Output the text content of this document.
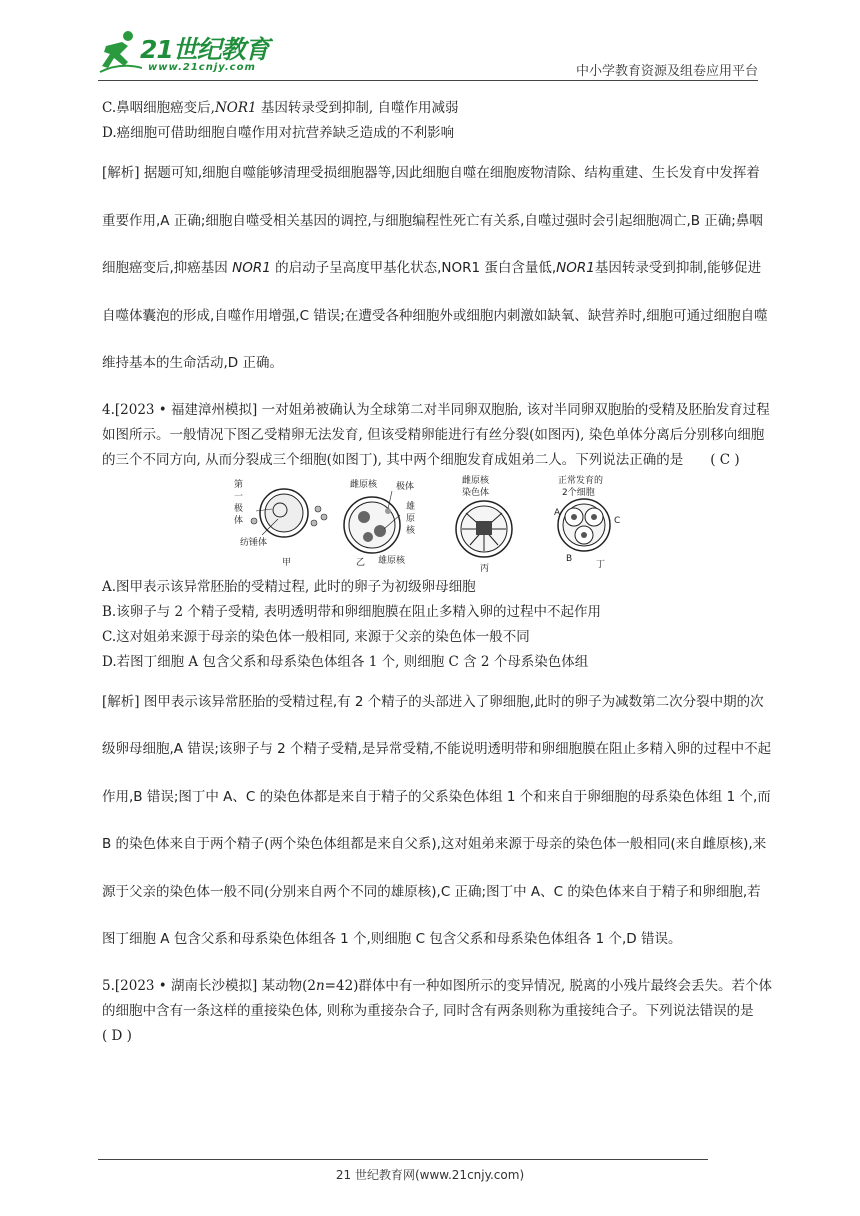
21世纪教育
www.21cnjy.com	中小学教育资源及组卷应用平台
C.鼻咽细胞癌变后,NOR1 基因转录受到抑制, 自噬作用减弱
D.癌细胞可借助细胞自噬作用对抗营养缺乏造成的不利影响
[解析] 据题可知,细胞自噬能够清理受损细胞器等,因此细胞自噬在细胞废物清除、结构重建、生长发育中发挥着重要作用,A 正确;细胞自噬受相关基因的调控,与细胞编程性死亡有关系,自噬过强时会引起细胞凋亡,B 正确;鼻咽细胞癌变后,抑癌基因 NOR1 的启动子呈高度甲基化状态,NOR1 蛋白含量低,NOR1基因转录受到抑制,能够促进自噬体囊泡的形成,自噬作用增强,C 错误;在遭受各种细胞外或细胞内刺激如缺氧、缺营养时,细胞可通过细胞自噬维持基本的生命活动,D 正确。
4.[2023 • 福建漳州模拟] 一对姐弟被确认为全球第二对半同卵双胞胎, 该对半同卵双胞胎的受精及胚胎发育过程如图所示。一般情况下图乙受精卵无法发育, 但该受精卵能进行有丝分裂(如图丙), 染色单体分离后分别移向细胞的三个不同方向, 从而分裂成三个细胞(如图丁), 其中两个细胞发育成姐弟二人。下列说法正确的是　　( C )
第
一
极
体
纺锤体
甲
雌原核 极体
雄
原
核
雄原核
乙
雌原核
染色体
丙
正常发育的
2个细胞
A
B
C
丁
A.图甲表示该异常胚胎的受精过程, 此时的卵子为初级卵母细胞
B.该卵子与 2 个精子受精, 表明透明带和卵细胞膜在阻止多精入卵的过程中不起作用
C.这对姐弟来源于母亲的染色体一般相同, 来源于父亲的染色体一般不同
D.若图丁细胞 A 包含父系和母系染色体组各 1 个, 则细胞 C 含 2 个母系染色体组
[解析] 图甲表示该异常胚胎的受精过程,有 2 个精子的头部进入了卵细胞,此时的卵子为减数第二次分裂中期的次级卵母细胞,A 错误;该卵子与 2 个精子受精,是异常受精,不能说明透明带和卵细胞膜在阻止多精入卵的过程中不起作用,B 错误;图丁中 A、C 的染色体都是来自于精子的父系染色体组 1 个和来自于卵细胞的母系染色体组 1 个,而 B 的染色体来自于两个精子(两个染色体组都是来自父系),这对姐弟来源于母亲的染色体一般相同(来自雌原核),来源于父亲的染色体一般不同(分别来自两个不同的雄原核),C 正确;图丁中 A、C 的染色体来自于精子和卵细胞,若图丁细胞 A 包含父系和母系染色体组各 1 个,则细胞 C 包含父系和母系染色体组各 1 个,D 错误。
5.[2023 • 湖南长沙模拟] 某动物(2n=42)群体中有一种如图所示的变异情况, 脱离的小残片最终会丢失。若个体的细胞中含有一条这样的重接染色体, 则称为重接杂合子, 同时含有两条则称为重接纯合子。下列说法错误的是　( D )
21 世纪教育网(www.21cnjy.com)
